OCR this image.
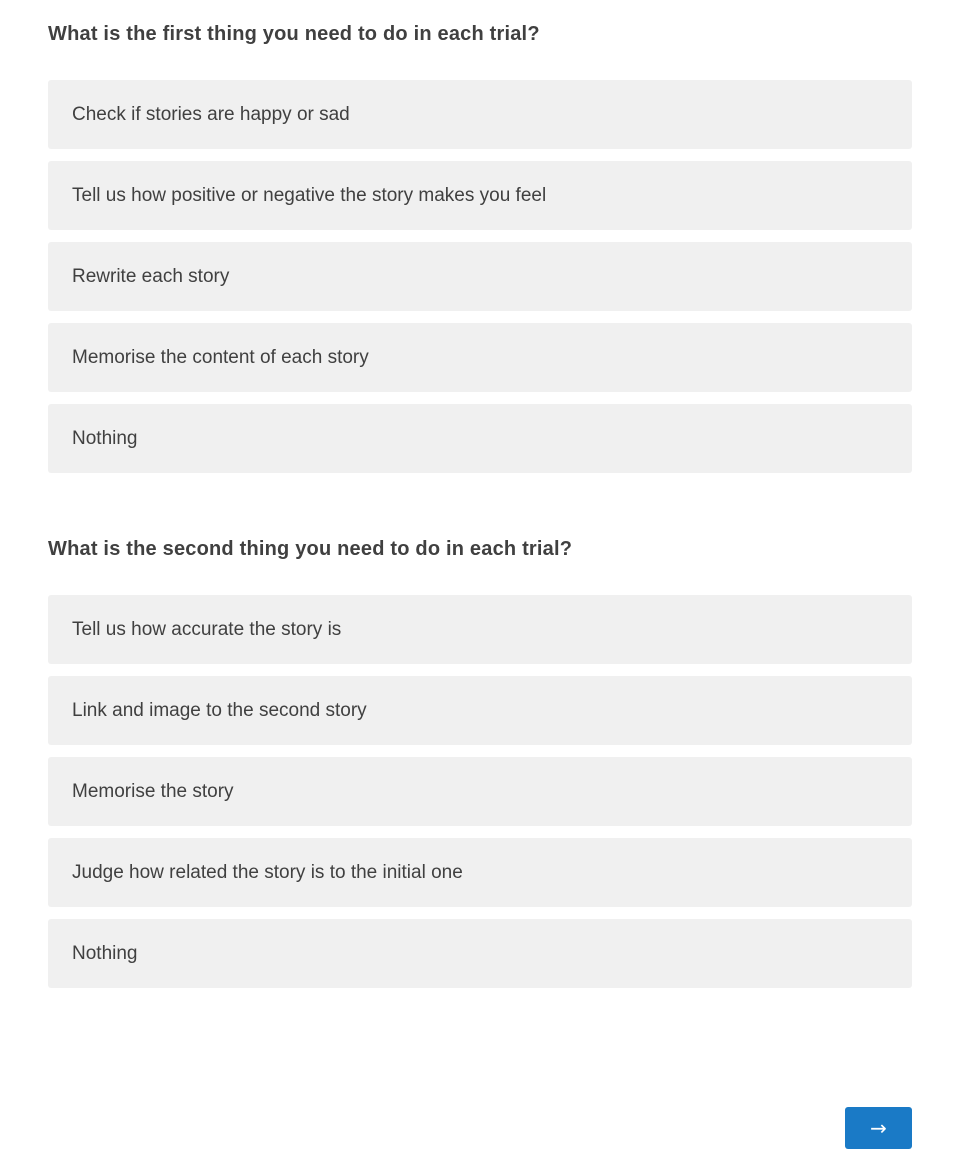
What is the first thing you need to do in each trial?
Check if stories are happy or sad
Tell us how positive or negative the story makes you feel
Rewrite each story
Memorise the content of each story
Nothing
What is the second thing you need to do in each trial?
Tell us how accurate the story is
Link and image to the second story
Memorise the story
Judge how related the story is to the initial one
Nothing
→
